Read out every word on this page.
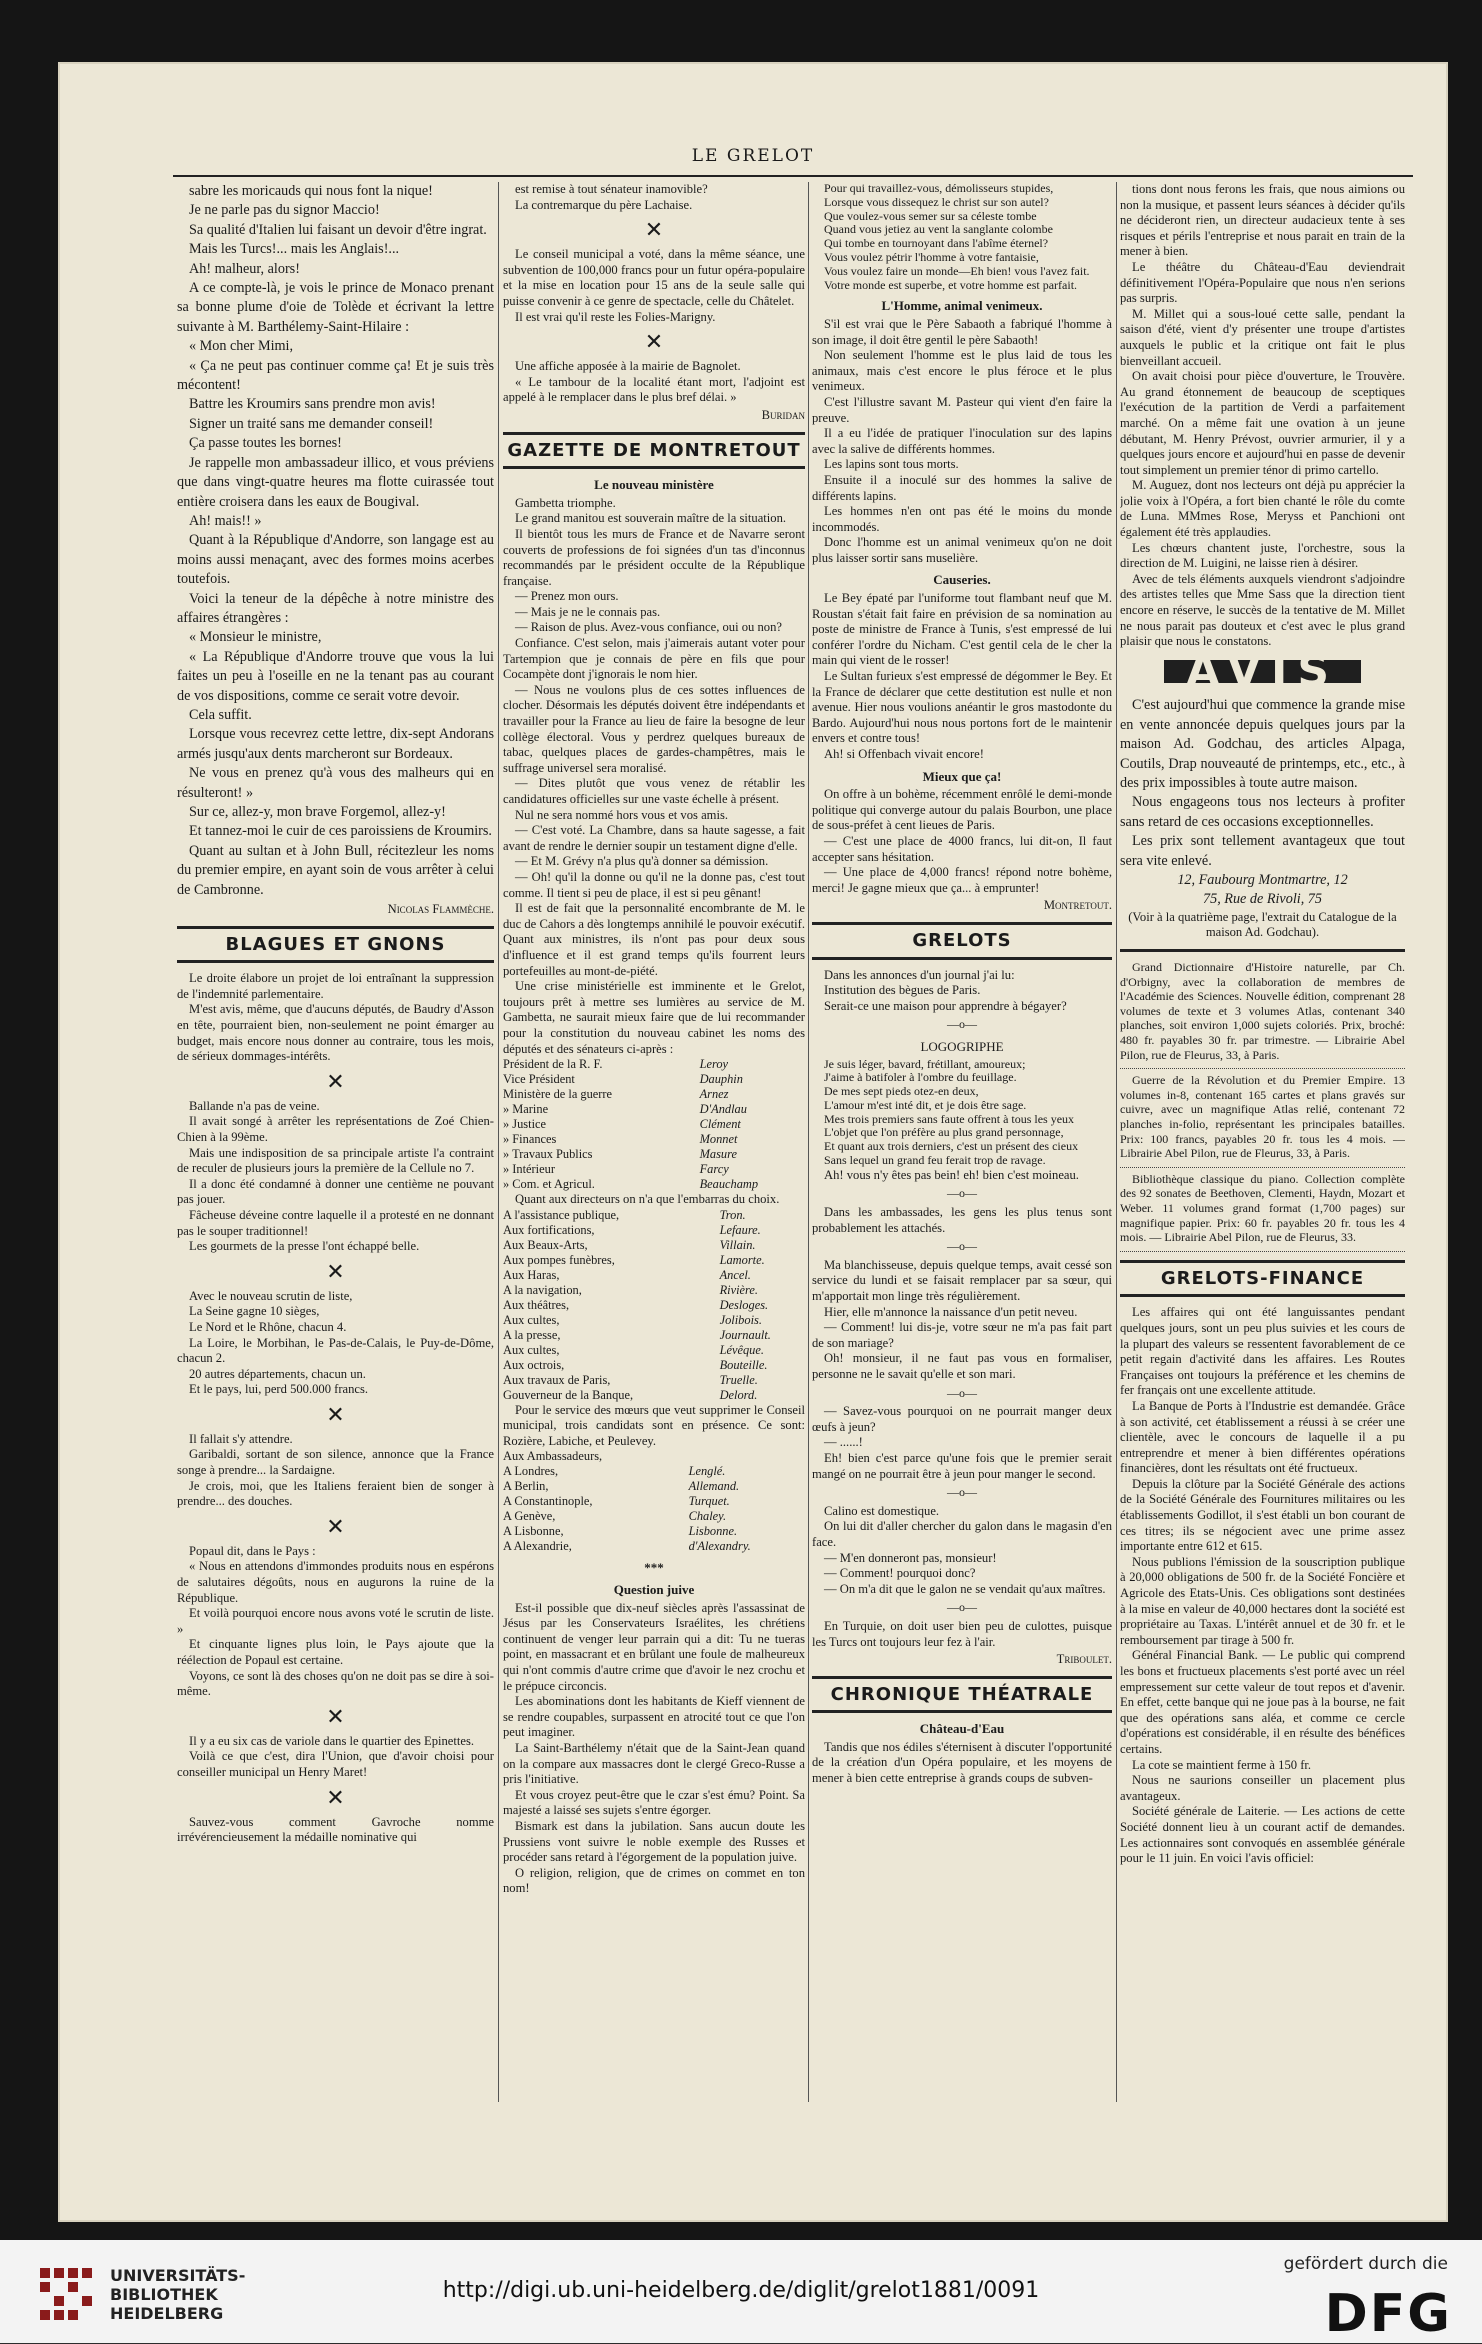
LE GRELOT

sabre les moricauds qui nous font la nique!

Je ne parle pas du signor Maccio!

Sa qualité d'Italien lui faisant un devoir d'être ingrat.

Mais les Turcs!... mais les Anglais!...

Ah! malheur, alors!

A ce compte-là, je vois le prince de Monaco prenant sa bonne plume d'oie de Tolède et écrivant la lettre suivante à M. Barthélemy-Saint-Hilaire :

« Mon cher Mimi,

« Ça ne peut pas continuer comme ça! Et je suis très mécontent!

Battre les Kroumirs sans prendre mon avis!

Signer un traité sans me demander conseil!

Ça passe toutes les bornes!

Je rappelle mon ambassadeur illico, et vous préviens que dans vingt-quatre heures ma flotte cuirassée tout entière croisera dans les eaux de Bougival.

Ah! mais!! »

Quant à la République d'Andorre, son langage est au moins aussi menaçant, avec des formes moins acerbes toutefois.

Voici la teneur de la dépêche à notre ministre des affaires étrangères :

« Monsieur le ministre,

« La République d'Andorre trouve que vous la lui faites un peu à l'oseille en ne la tenant pas au courant de vos dispositions, comme ce serait votre devoir.

Cela suffit.

Lorsque vous recevrez cette lettre, dix-sept Andorans armés jusqu'aux dents marcheront sur Bordeaux.

Ne vous en prenez qu'à vous des malheurs qui en résulteront! »

Sur ce, allez-y, mon brave Forgemol, allez-y!

Et tannez-moi le cuir de ces paroissiens de Kroumirs.

Quant au sultan et à John Bull, récitezleur les noms du premier empire, en ayant soin de vous arrêter à celui de Cambronne.

Nicolas Flammèche.

BLAGUES ET GNONS

Le droite élabore un projet de loi entraînant la suppression de l'indemnité parlementaire.

M'est avis, même, que d'aucuns députés, de Baudry d'Asson en tête, pourraient bien, non-seulement ne point émarger au budget, mais encore nous donner au contraire, tous les mois, de sérieux dommages-intérêts.

✕

Ballande n'a pas de veine.

Il avait songé à arrêter les représentations de Zoé Chien-Chien à la 99ème.

Mais une indisposition de sa principale artiste l'a contraint de reculer de plusieurs jours la première de la Cellule no 7.

Il a donc été condamné à donner une centième ne pouvant pas jouer.

Fâcheuse déveine contre laquelle il a protesté en ne donnant pas le souper traditionnel!

Les gourmets de la presse l'ont échappé belle.

✕

Avec le nouveau scrutin de liste,

La Seine gagne 10 sièges,

Le Nord et le Rhône, chacun 4.

La Loire, le Morbihan, le Pas-de-Calais, le Puy-de-Dôme, chacun 2.

20 autres départements, chacun un.

Et le pays, lui, perd 500.000 francs.

✕

Il fallait s'y attendre.

Garibaldi, sortant de son silence, annonce que la France songe à prendre... la Sardaigne.

Je crois, moi, que les Italiens feraient bien de songer à prendre... des douches.

✕

Popaul dit, dans le Pays :

« Nous en attendons d'immondes produits nous en espérons de salutaires dégoûts, nous en augurons la ruine de la République.

Et voilà pourquoi encore nous avons voté le scrutin de liste. »

Et cinquante lignes plus loin, le Pays ajoute que la réélection de Popaul est certaine.

Voyons, ce sont là des choses qu'on ne doit pas se dire à soi-même.

✕

Il y a eu six cas de variole dans le quartier des Epinettes.

Voilà ce que c'est, dira l'Union, que d'avoir choisi pour conseiller municipal un Henry Maret!

✕

Sauvez-vous comment Gavroche nomme irrévérencieusement la médaille nominative qui

est remise à tout sénateur inamovible?

La contremarque du père Lachaise.

✕

Le conseil municipal a voté, dans la même séance, une subvention de 100,000 francs pour un futur opéra-populaire et la mise en location pour 15 ans de la seule salle qui puisse convenir à ce genre de spectacle, celle du Châtelet.

Il est vrai qu'il reste les Folies-Marigny.

✕

Une affiche apposée à la mairie de Bagnolet.

« Le tambour de la localité étant mort, l'adjoint est appelé à le remplacer dans le plus bref délai. »

Buridan

GAZETTE DE MONTRETOUT
Le nouveau ministère

Gambetta triomphe.

Le grand manitou est souverain maître de la situation.

Il bientôt tous les murs de France et de Navarre seront couverts de professions de foi signées d'un tas d'inconnus recommandés par le président occulte de la République française.

— Prenez mon ours.

— Mais je ne le connais pas.

— Raison de plus. Avez-vous confiance, oui ou non?

Confiance. C'est selon, mais j'aimerais autant voter pour Tartempion que je connais de père en fils que pour Cocampète dont j'ignorais le nom hier.

— Nous ne voulons plus de ces sottes influences de clocher. Désormais les députés doivent être indépendants et travailler pour la France au lieu de faire la besogne de leur collège électoral. Vous y perdrez quelques bureaux de tabac, quelques places de gardes-champêtres, mais le suffrage universel sera moralisé.

— Dites plutôt que vous venez de rétablir les candidatures officielles sur une vaste échelle à présent.

Nul ne sera nommé hors vous et vos amis.

— C'est voté. La Chambre, dans sa haute sagesse, a fait avant de rendre le dernier soupir un testament digne d'elle.

— Et M. Grévy n'a plus qu'à donner sa démission.

— Oh! qu'il la donne ou qu'il ne la donne pas, c'est tout comme. Il tient si peu de place, il est si peu gênant!

Il est de fait que la personnalité encombrante de M. le duc de Cahors a dès longtemps annihilé le pouvoir exécutif. Quant aux ministres, ils n'ont pas pour deux sous d'influence et il est grand temps qu'ils fourrent leurs portefeuilles au mont-de-piété.

Une crise ministérielle est imminente et le Grelot, toujours prêt à mettre ses lumières au service de M. Gambetta, ne saurait mieux faire que de lui recommander pour la constitution du nouveau cabinet les noms des députés et des sénateurs ci-après :

Président de la R. F.	Leroy
Vice Président	Dauphin
Ministère de la guerre	Arnez
» Marine	D'Andlau
» Justice	Clément
» Finances	Monnet
» Travaux Publics	Masure
» Intérieur	Farcy
» Com. et Agricul.	Beauchamp

Quant aux directeurs on n'a que l'embarras du choix.

A l'assistance publique,	Tron.
Aux fortifications,	Lefaure.
Aux Beaux-Arts,	Villain.
Aux pompes funèbres,	Lamorte.
Aux Haras,	Ancel.
A la navigation,	Rivière.
Aux théâtres,	Desloges.
Aux cultes,	Jolibois.
A la presse,	Journault.
Aux cultes,	Lévêque.
Aux octrois,	Bouteille.
Aux travaux de Paris,	Truelle.
Gouverneur de la Banque,	Delord.

Pour le service des mœurs que veut supprimer le Conseil municipal, trois candidats sont en présence. Ce sont: Rozière, Labiche, et Peulevey.

Aux Ambassadeurs,	
A Londres,	Lenglé.
A Berlin,	Allemand.
A Constantinople,	Turquet.
A Genève,	Chaley.
A Lisbonne,	Lisbonne.
A Alexandrie,	d'Alexandry.
***
Question juive

Est-il possible que dix-neuf siècles après l'assassinat de Jésus par les Conservateurs Israélites, les chrétiens continuent de venger leur parrain qui a dit: Tu ne tueras point, en massacrant et en brûlant une foule de malheureux qui n'ont commis d'autre crime que d'avoir le nez crochu et le prépuce circoncis.

Les abominations dont les habitants de Kieff viennent de se rendre coupables, surpassent en atrocité tout ce que l'on peut imaginer.

La Saint-Barthélemy n'était que de la Saint-Jean quand on la compare aux massacres dont le clergé Greco-Russe a pris l'initiative.

Et vous croyez peut-être que le czar s'est ému? Point. Sa majesté a laissé ses sujets s'entre égorger.

Bismark est dans la jubilation. Sans aucun doute les Prussiens vont suivre le noble exemple des Russes et procéder sans retard à l'égorgement de la population juive.

O religion, religion, que de crimes on commet en ton nom!

Pour qui travaillez-vous, démolisseurs stupides,

Lorsque vous dissequez le christ sur son autel?

Que voulez-vous semer sur sa céleste tombe

Quand vous jetiez au vent la sanglante colombe

Qui tombe en tournoyant dans l'abîme éternel?

Vous voulez pétrir l'homme à votre fantaisie,

Vous voulez faire un monde—Eh bien! vous l'avez fait.

Votre monde est superbe, et votre homme est parfait.

L'Homme, animal venimeux.

S'il est vrai que le Père Sabaoth a fabriqué l'homme à son image, il doit être gentil le père Sabaoth!

Non seulement l'homme est le plus laid de tous les animaux, mais c'est encore le plus féroce et le plus venimeux.

C'est l'illustre savant M. Pasteur qui vient d'en faire la preuve.

Il a eu l'idée de pratiquer l'inoculation sur des lapins avec la salive de différents hommes.

Les lapins sont tous morts.

Ensuite il a inoculé sur des hommes la salive de différents lapins.

Les hommes n'en ont pas été le moins du monde incommodés.

Donc l'homme est un animal venimeux qu'on ne doit plus laisser sortir sans muselière.

Causeries.

Le Bey épaté par l'uniforme tout flambant neuf que M. Roustan s'était fait faire en prévision de sa nomination au poste de ministre de France à Tunis, s'est empressé de lui conférer l'ordre du Nicham. C'est gentil cela de le cher la main qui vient de le rosser!

Le Sultan furieux s'est empressé de dégommer le Bey. Et la France de déclarer que cette destitution est nulle et non avenue. Hier nous voulions anéantir le gros mastodonte du Bardo. Aujourd'hui nous nous portons fort de le maintenir envers et contre tous!

Ah! si Offenbach vivait encore!

Mieux que ça!

On offre à un bohème, récemment enrôlé le demi-monde politique qui converge autour du palais Bourbon, une place de sous-préfet à cent lieues de Paris.

— C'est une place de 4000 francs, lui dit-on, Il faut accepter sans hésitation.

— Une place de 4,000 francs! répond notre bohème, merci! Je gagne mieux que ça... à emprunter!

Montretout.

GRELOTS

Dans les annonces d'un journal j'ai lu:

Institution des bègues de Paris.

Serait-ce une maison pour apprendre à bégayer?

—o—
LOGOGRIPHE

Je suis léger, bavard, frétillant, amoureux;

J'aime à batifoler à l'ombre du feuillage.

De mes sept pieds otez-en deux,

L'amour m'est inté dit, et je dois être sage.

Mes trois premiers sans faute offrent à tous les yeux

L'objet que l'on préfère au plus grand personnage,

Et quant aux trois derniers, c'est un présent des cieux

Sans lequel un grand feu ferait trop de ravage.

Ah! vous n'y êtes pas bein! eh! bien c'est moineau.

—o—

Dans les ambassades, les gens les plus tenus sont probablement les attachés.

—o—

Ma blanchisseuse, depuis quelque temps, avait cessé son service du lundi et se faisait remplacer par sa sœur, qui m'apportait mon linge très régulièrement.

Hier, elle m'annonce la naissance d'un petit neveu.

— Comment! lui dis-je, votre sœur ne m'a pas fait part de son mariage?

Oh! monsieur, il ne faut pas vous en formaliser, personne ne le savait qu'elle et son mari.

—o—

— Savez-vous pourquoi on ne pourrait manger deux œufs à jeun?

— ......!

Eh! bien c'est parce qu'une fois que le premier serait mangé on ne pourrait être à jeun pour manger le second.

—o—

Calino est domestique.

On lui dit d'aller chercher du galon dans le magasin d'en face.

— M'en donneront pas, monsieur!

— Comment! pourquoi donc?

— On m'a dit que le galon ne se vendait qu'aux maîtres.

—o—

En Turquie, on doit user bien peu de culottes, puisque les Turcs ont toujours leur fez à l'air.

Triboulet.

CHRONIQUE THÉATRALE
Château-d'Eau

Tandis que nos édiles s'éternisent à discuter l'opportunité de la création d'un Opéra populaire, et les moyens de mener à bien cette entreprise à grands coups de subven-

tions dont nous ferons les frais, que nous aimions ou non la musique, et passent leurs séances à décider qu'ils ne décideront rien, un directeur audacieux tente à ses risques et périls l'entreprise et nous parait en train de la mener à bien.

Le théâtre du Château-d'Eau deviendrait définitivement l'Opéra-Populaire que nous n'en serions pas surpris.

M. Millet qui a sous-loué cette salle, pendant la saison d'été, vient d'y présenter une troupe d'artistes auxquels le public et la critique ont fait le plus bienveillant accueil.

On avait choisi pour pièce d'ouverture, le Trouvère. Au grand étonnement de beaucoup de sceptiques l'exécution de la partition de Verdi a parfaitement marché. On a même fait une ovation à un jeune débutant, M. Henry Prévost, ouvrier armurier, il y a quelques jours encore et aujourd'hui en passe de devenir tout simplement un premier ténor di primo cartello.

M. Auguez, dont nos lecteurs ont déjà pu apprécier la jolie voix à l'Opéra, a fort bien chanté le rôle du comte de Luna. MMmes Rose, Meryss et Panchioni ont également été très applaudies.

Les chœurs chantent juste, l'orchestre, sous la direction de M. Luigini, ne laisse rien à désirer.

Avec de tels éléments auxquels viendront s'adjoindre des artistes telles que Mme Sass que la direction tient encore en réserve, le succès de la tentative de M. Millet ne nous parait pas douteux et c'est avec le plus grand plaisir que nous le constatons.

AVIS

C'est aujourd'hui que commence la grande mise en vente annoncée depuis quelques jours par la maison Ad. Godchau, des articles Alpaga, Coutils, Drap nouveauté de printemps, etc., etc., à des prix impossibles à toute autre maison.

Nous engageons tous nos lecteurs à profiter sans retard de ces occasions exceptionnelles.

Les prix sont tellement avantageux que tout sera vite enlevé.

12, Faubourg Montmartre, 12

75, Rue de Rivoli, 75

(Voir à la quatrième page, l'extrait du Catalogue de la maison Ad. Godchau).

Grand Dictionnaire d'Histoire naturelle, par Ch. d'Orbigny, avec la collaboration de membres de l'Académie des Sciences. Nouvelle édition, comprenant 28 volumes de texte et 3 volumes Atlas, contenant 340 planches, soit environ 1,000 sujets coloriés. Prix, broché: 480 fr. payables 30 fr. par trimestre. — Librairie Abel Pilon, rue de Fleurus, 33, à Paris.

Guerre de la Révolution et du Premier Empire. 13 volumes in-8, contenant 165 cartes et plans gravés sur cuivre, avec un magnifique Atlas relié, contenant 72 planches in-folio, représentant les principales batailles. Prix: 100 francs, payables 20 fr. tous les 4 mois. — Librairie Abel Pilon, rue de Fleurus, 33, à Paris.

Bibliothèque classique du piano. Collection complète des 92 sonates de Beethoven, Clementi, Haydn, Mozart et Weber. 11 volumes grand format (1,700 pages) sur magnifique papier. Prix: 60 fr. payables 20 fr. tous les 4 mois. — Librairie Abel Pilon, rue de Fleurus, 33.

GRELOTS-FINANCE

Les affaires qui ont été languissantes pendant quelques jours, sont un peu plus suivies et les cours de la plupart des valeurs se ressentent favorablement de ce petit regain d'activité dans les affaires. Les Routes Françaises ont toujours la préférence et les chemins de fer français ont une excellente attitude.

La Banque de Ports à l'Industrie est demandée. Grâce à son activité, cet établissement a réussi à se créer une clientèle, avec le concours de laquelle il a pu entreprendre et mener à bien différentes opérations financières, dont les résultats ont été fructueux.

Depuis la clôture par la Société Générale des actions de la Société Générale des Fournitures militaires ou les établissements Godillot, il s'est établi un bon courant de ces titres; ils se négocient avec une prime assez importante entre 612 et 615.

Nous publions l'émission de la souscription publique à 20,000 obligations de 500 fr. de la Société Foncière et Agricole des Etats-Unis. Ces obligations sont destinées à la mise en valeur de 40,000 hectares dont la société est propriétaire au Taxas. L'intérêt annuel et de 30 fr. et le remboursement par tirage à 500 fr.

Général Financial Bank. — Le public qui comprend les bons et fructueux placements s'est porté avec un réel empressement sur cette valeur de tout repos et d'avenir. En effet, cette banque qui ne joue pas à la bourse, ne fait que des opérations sans aléa, et comme ce cercle d'opérations est considérable, il en résulte des bénéfices certains.

La cote se maintient ferme à 150 fr.

Nous ne saurions conseiller un placement plus avantageux.

Société générale de Laiterie. — Les actions de cette Société donnent lieu à un courant actif de demandes. Les actionnaires sont convoqués en assemblée générale pour le 11 juin. En voici l'avis officiel:

UNIVERSITÄTS-
BIBLIOTHEK
HEIDELBERG
http://digi.ub.uni-heidelberg.de/diglit/grelot1881/0091
gefördert durch die
DFG
